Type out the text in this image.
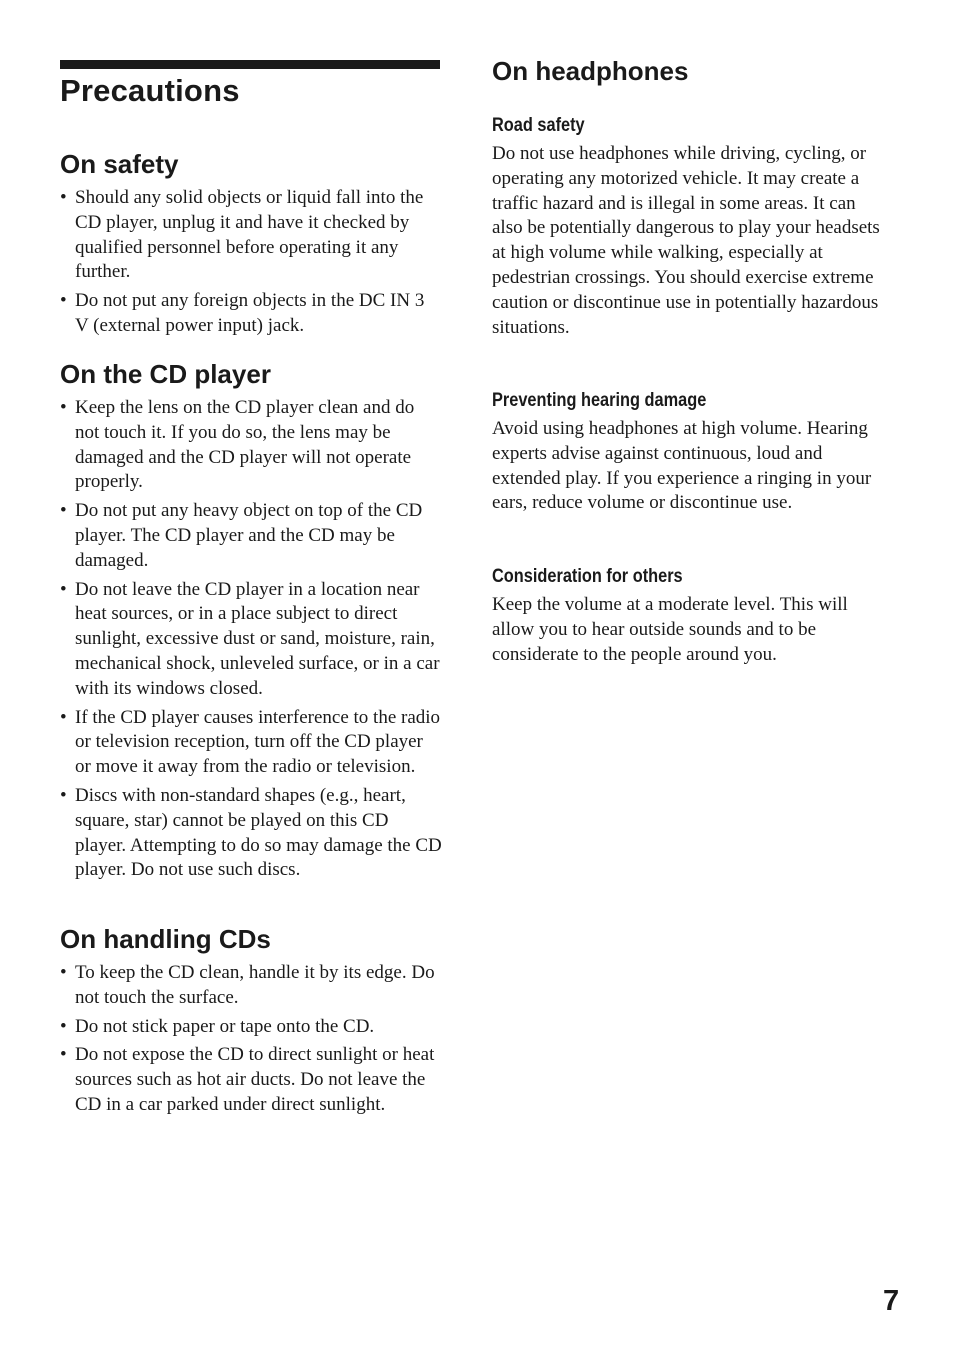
Precautions
On safety
• Should any solid objects or liquid fall into the CD player, unplug it and have it checked by qualified personnel before operating it any further.
• Do not put any foreign objects in the DC IN 3 V (external power input) jack.
On the CD player
• Keep the lens on the CD player clean and do not touch it. If you do so, the lens may be damaged and the CD player will not operate properly.
• Do not put any heavy object on top of the CD player. The CD player and the CD may be damaged.
• Do not leave the CD player in a location near heat sources, or in a place subject to direct sunlight, excessive dust or sand, moisture, rain, mechanical shock, unleveled surface, or in a car with its windows closed.
• If the CD player causes interference to the radio or television reception, turn off the CD player or move it away from the radio or television.
• Discs with non-standard shapes (e.g., heart, square, star) cannot be played on this CD player. Attempting to do so may damage the CD player. Do not use such discs.
On handling CDs
• To keep the CD clean, handle it by its edge. Do not touch the surface.
• Do not stick paper or tape onto the CD.
• Do not expose the CD to direct sunlight or heat sources such as hot air ducts. Do not leave the CD in a car parked under direct sunlight.
On headphones
Road safety

Do not use headphones while driving, cycling, or operating any motorized vehicle. It may create a traffic hazard and is illegal in some areas. It can also be potentially dangerous to play your headsets at high volume while walking, especially at pedestrian crossings. You should exercise extreme caution or discontinue use in potentially hazardous situations.

Preventing hearing damage

Avoid using headphones at high volume. Hearing experts advise against continuous, loud and extended play. If you experience a ringing in your ears, reduce volume or discontinue use.

Consideration for others

Keep the volume at a moderate level. This will allow you to hear outside sounds and to be considerate to the people around you.

7
